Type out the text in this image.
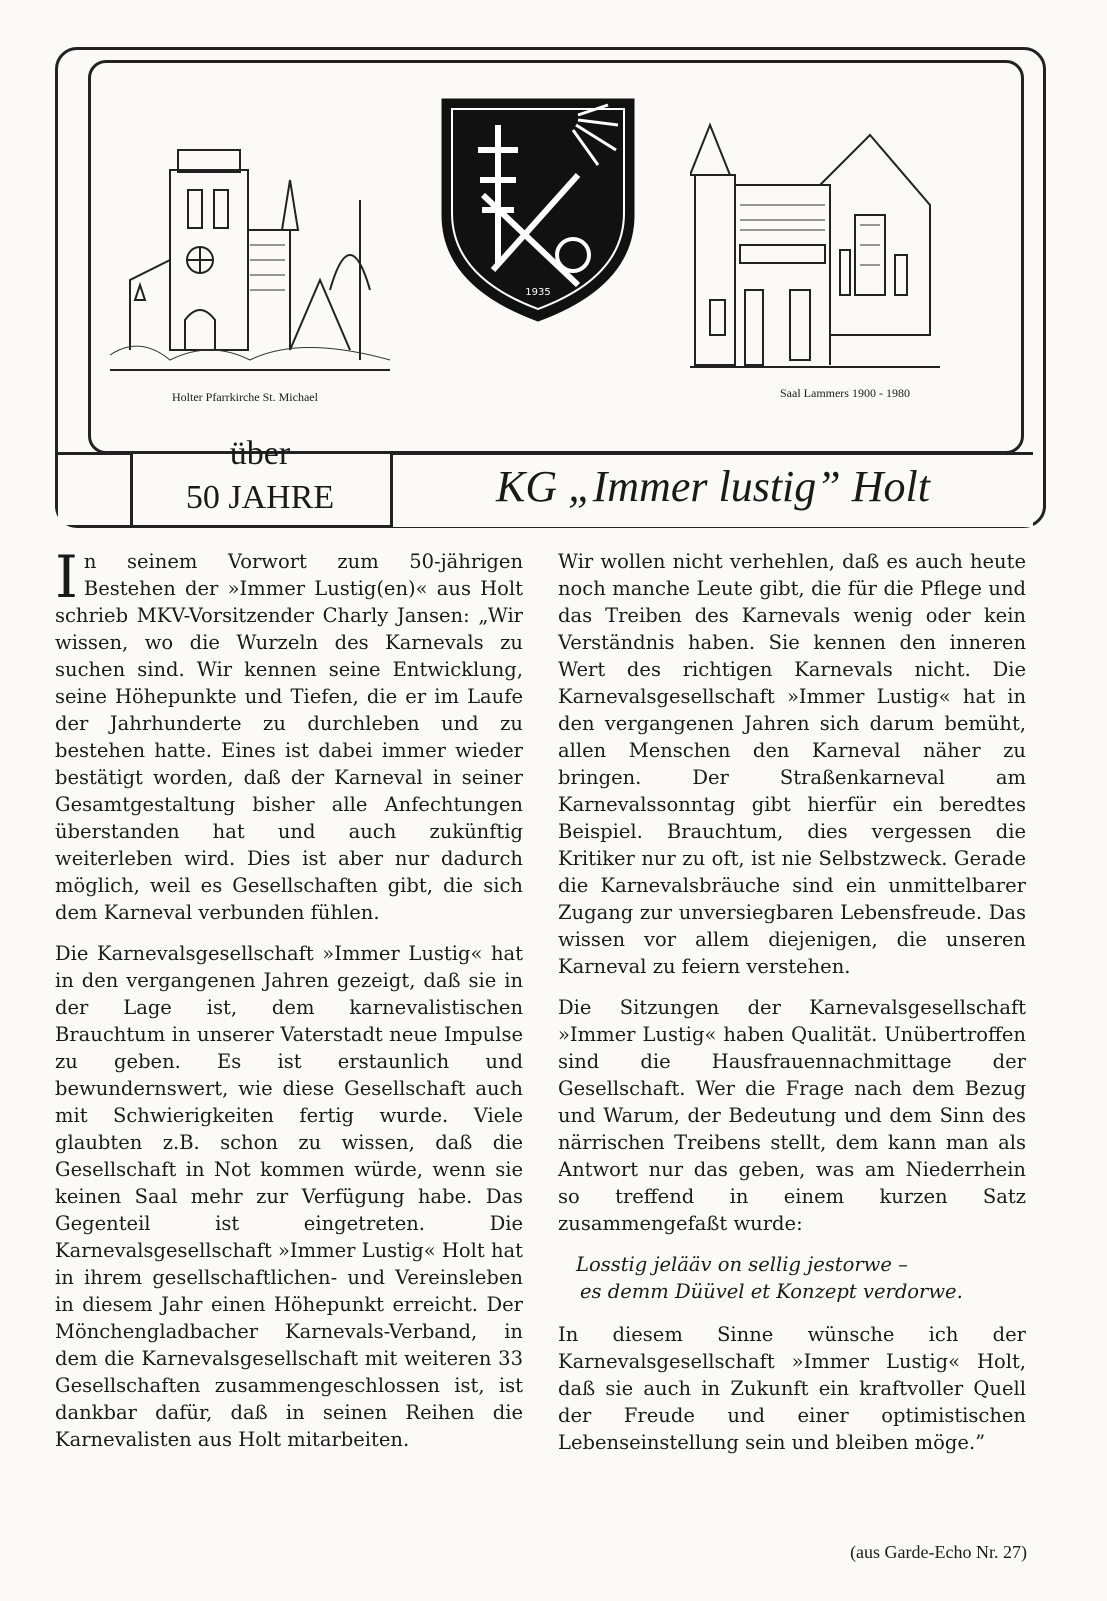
Holter Pfarrkirche St. Michael
1935
Saal Lammers 1900 - 1980
über
50 JAHRE	KG „Immer lustig” Holt

In seinem Vorwort zum 50-jährigen Bestehen der »Immer Lustig(en)« aus Holt schrieb MKV-Vorsitzender Charly Jansen: „Wir wissen, wo die Wurzeln des Karnevals zu suchen sind. Wir kennen seine Entwicklung, seine Höhepunkte und Tiefen, die er im Laufe der Jahrhunderte zu durchleben und zu bestehen hatte. Eines ist dabei immer wieder bestätigt worden, daß der Karneval in seiner Gesamtgestaltung bisher alle Anfechtungen überstanden hat und auch zukünftig weiterleben wird. Dies ist aber nur dadurch möglich, weil es Gesellschaften gibt, die sich dem Karneval verbunden fühlen.

Die Karnevalsgesellschaft »Immer Lustig« hat in den vergangenen Jahren gezeigt, daß sie in der Lage ist, dem karnevalistischen Brauchtum in unserer Vaterstadt neue Impulse zu geben. Es ist erstaunlich und bewundernswert, wie diese Gesellschaft auch mit Schwierigkeiten fertig wurde. Viele glaubten z.B. schon zu wissen, daß die Gesellschaft in Not kommen würde, wenn sie keinen Saal mehr zur Verfügung habe. Das Gegenteil ist eingetreten. Die Karnevalsgesellschaft »Immer Lustig« Holt hat in ihrem gesellschaftlichen- und Vereinsleben in diesem Jahr einen Höhepunkt erreicht. Der Mönchengladbacher Karnevals-Verband, in dem die Karnevalsgesellschaft mit weiteren 33 Gesellschaften zusammengeschlossen ist, ist dankbar dafür, daß in seinen Reihen die Karnevalisten aus Holt mitarbeiten.

Wir wollen nicht verhehlen, daß es auch heute noch manche Leute gibt, die für die Pflege und das Treiben des Karnevals wenig oder kein Verständnis haben. Sie kennen den inneren Wert des richtigen Karnevals nicht. Die Karnevalsgesellschaft »Immer Lustig« hat in den vergangenen Jahren sich darum bemüht, allen Menschen den Karneval näher zu bringen. Der Straßenkarneval am Karnevalssonntag gibt hierfür ein beredtes Beispiel. Brauchtum, dies vergessen die Kritiker nur zu oft, ist nie Selbstzweck. Gerade die Karnevalsbräuche sind ein unmittelbarer Zugang zur unversiegbaren Lebensfreude. Das wissen vor allem diejenigen, die unseren Karneval zu feiern verstehen.

Die Sitzungen der Karnevalsgesellschaft »Immer Lustig« haben Qualität. Unübertroffen sind die Hausfrauennachmittage der Gesellschaft. Wer die Frage nach dem Bezug und Warum, der Bedeutung und dem Sinn des närrischen Treibens stellt, dem kann man als Antwort nur das geben, was am Niederrhein so treffend in einem kurzen Satz zusammengefaßt wurde:

Losstig jelääv on sellig jestorwe –
es demm Düüvel et Konzept verdorwe.

In diesem Sinne wünsche ich der Karnevalsgesellschaft »Immer Lustig« Holt, daß sie auch in Zukunft ein kraftvoller Quell der Freude und einer optimistischen Lebenseinstellung sein und bleiben möge.”

(aus Garde-Echo Nr. 27)
